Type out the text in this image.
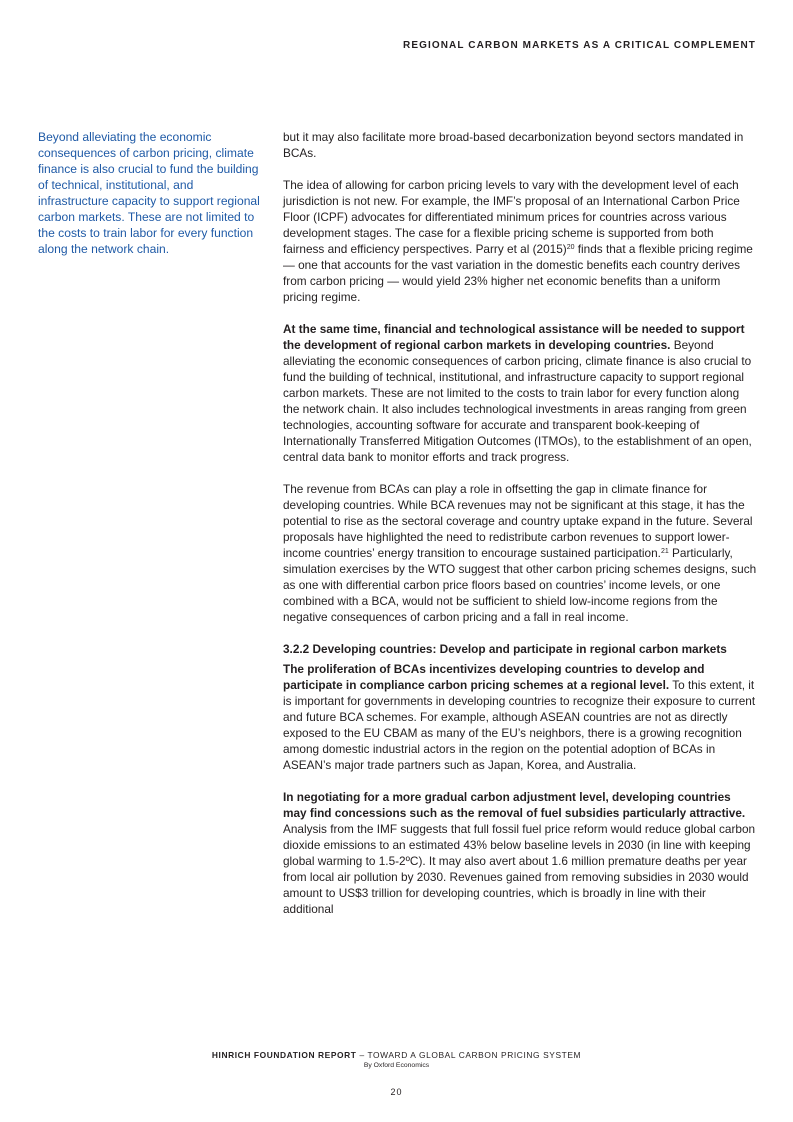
REGIONAL CARBON MARKETS AS A CRITICAL COMPLEMENT

Beyond alleviating the economic consequences of carbon pricing, climate finance is also crucial to fund the building of technical, institutional, and infrastructure capacity to support regional carbon markets. These are not limited to the costs to train labor for every function along the network chain.

but it may also facilitate more broad-based decarbonization beyond sectors mandated in BCAs.

The idea of allowing for carbon pricing levels to vary with the development level of each jurisdiction is not new. For example, the IMF’s proposal of an International Carbon Price Floor (ICPF) advocates for differentiated minimum prices for countries across various development stages. The case for a flexible pricing scheme is supported from both fairness and efficiency perspectives. Parry et al $(2015)^{20}$ finds that a flexible pricing regime — one that accounts for the vast variation in the domestic benefits each country derives from carbon pricing — would yield 23% higher net economic benefits than a uniform pricing regime.

At the same time, financial and technological assistance will be needed to support the development of regional carbon markets in developing countries. Beyond alleviating the economic consequences of carbon pricing, climate finance is also crucial to fund the building of technical, institutional, and infrastructure capacity to support regional carbon markets. These are not limited to the costs to train labor for every function along the network chain. It also includes technological investments in areas ranging from green technologies, accounting software for accurate and transparent book-keeping of Internationally Transferred Mitigation Outcomes (ITMOs), to the establishment of an open, central data bank to monitor efforts and track progress.

The revenue from BCAs can play a role in offsetting the gap in climate finance for developing countries. While BCA revenues may not be significant at this stage, it has the potential to rise as the sectoral coverage and country uptake expand in the future. Several proposals have highlighted the need to redistribute carbon revenues to support lower-income countries’ energy transition to encourage sustained participation.$^{21}$ Particularly, simulation exercises by the WTO suggest that other carbon pricing schemes designs, such as one with differential carbon price floors based on countries’ income levels, or one combined with a BCA, would not be sufficient to shield low-income regions from the negative consequences of carbon pricing and a fall in real income.

3.2.2 Developing countries: Develop and participate in regional carbon markets

The proliferation of BCAs incentivizes developing countries to develop and participate in compliance carbon pricing schemes at a regional level. To this extent, it is important for governments in developing countries to recognize their exposure to current and future BCA schemes. For example, although ASEAN countries are not as directly exposed to the EU CBAM as many of the EU’s neighbors, there is a growing recognition among domestic industrial actors in the region on the potential adoption of BCAs in ASEAN’s major trade partners such as Japan, Korea, and Australia.

In negotiating for a more gradual carbon adjustment level, developing countries may find concessions such as the removal of fuel subsidies particularly attractive. Analysis from the IMF suggests that full fossil fuel price reform would reduce global carbon dioxide emissions to an estimated 43% below baseline levels in 2030 (in line with keeping global warming to 1.5-2ºC). It may also avert about 1.6 million premature deaths per year from local air pollution by 2030. Revenues gained from removing subsidies in 2030 would amount to US$3 trillion for developing countries, which is broadly in line with their additional

HINRICH FOUNDATION REPORT – TOWARD A GLOBAL CARBON PRICING SYSTEM

By Oxford Economics

20
